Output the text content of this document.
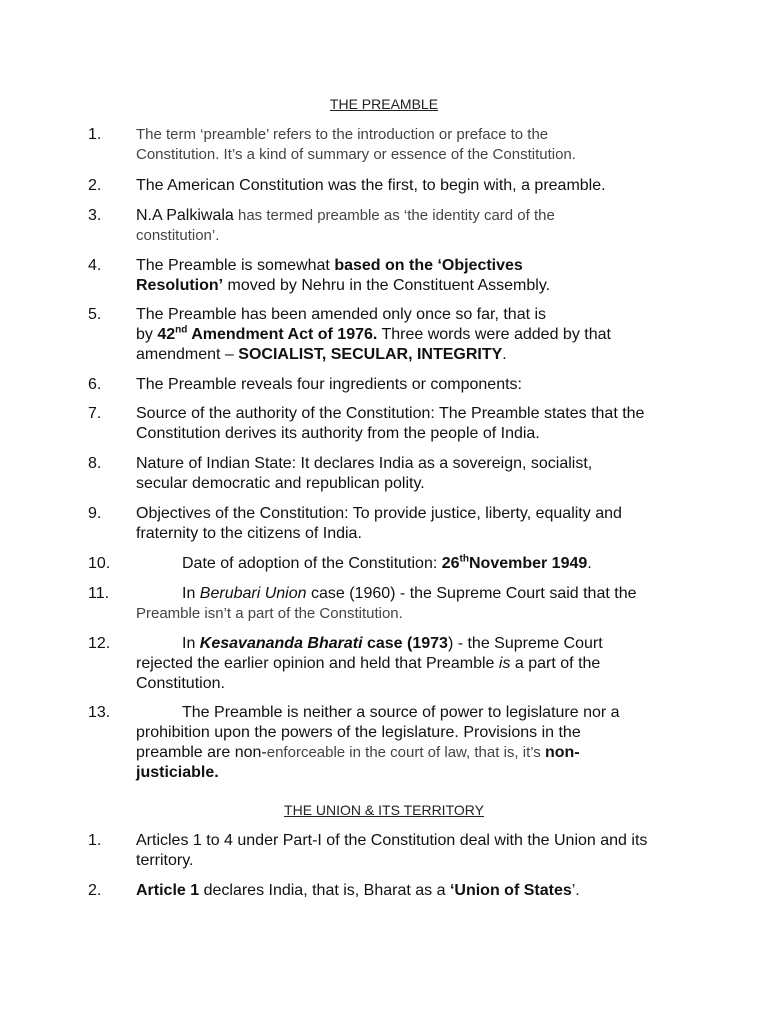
THE PREAMBLE
1.	The term ‘preamble’ refers to the introduction or preface to the
Constitution. It’s a kind of summary or essence of the Constitution.
2.	The American Constitution was the first, to begin with, a preamble.
3.	N.A Palkiwala has termed preamble as ‘the identity card of the
constitution’.
4.	The Preamble is somewhat based on the ‘Objectives
Resolution’ moved by Nehru in the Constituent Assembly.
5.	The Preamble has been amended only once so far, that is
by 42nd Amendment Act of 1976. Three words were added by that
amendment – SOCIALIST, SECULAR, INTEGRITY.
6.	The Preamble reveals four ingredients or components:
7.	Source of the authority of the Constitution: The Preamble states that the
Constitution derives its authority from the people of India.
8.	Nature of Indian State: It declares India as a sovereign, socialist,
secular democratic and republican polity.
9.	Objectives of the Constitution: To provide justice, liberty, equality and
fraternity to the citizens of India.
10.	Date of adoption of the Constitution: 26thNovember 1949.
11.	In Berubari Union case (1960) - the Supreme Court said that the
Preamble isn’t a part of the Constitution.
12.	In Kesavananda Bharati case (1973) - the Supreme Court
rejected the earlier opinion and held that Preamble is a part of the
Constitution.
13.	The Preamble is neither a source of power to legislature nor a
prohibition upon the powers of the legislature. Provisions in the
preamble are non-enforceable in the court of law, that is, it’s non-
justiciable.
THE UNION & ITS TERRITORY
1.	Articles 1 to 4 under Part-I of the Constitution deal with the Union and its
territory.
2.	Article 1 declares India, that is, Bharat as a ‘Union of States’.
